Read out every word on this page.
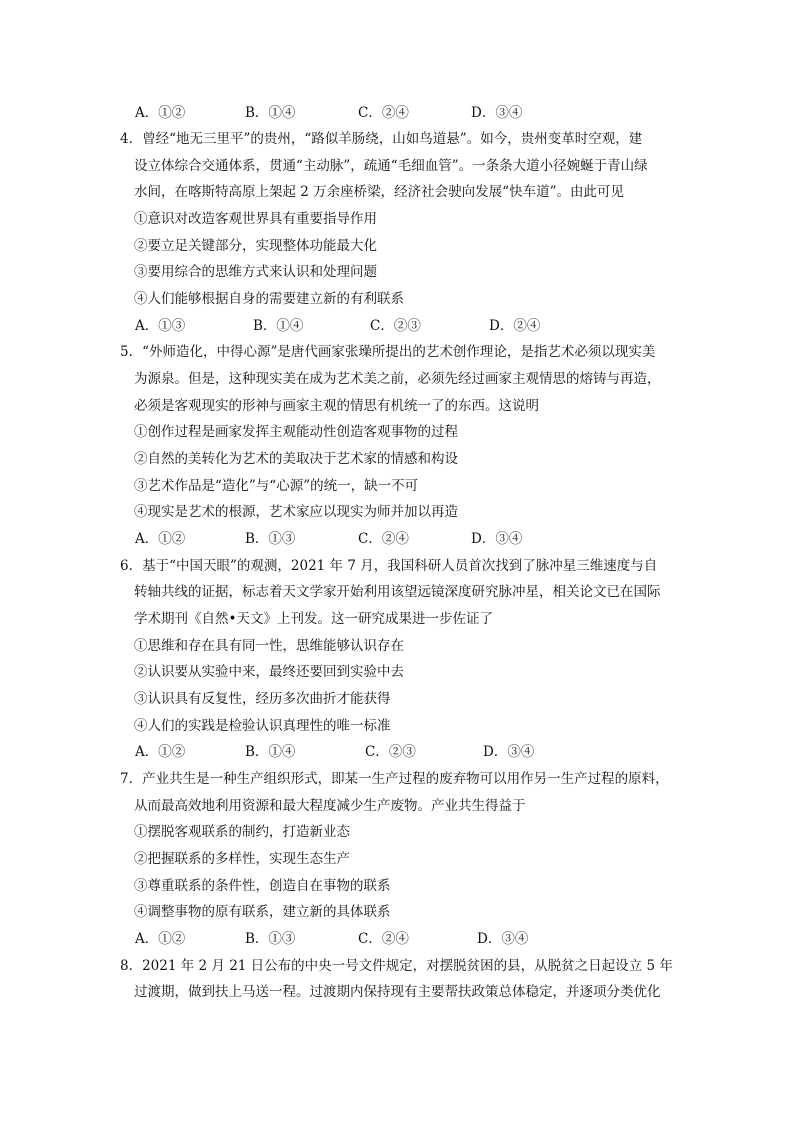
A．①②	B．①④	C．②④	D．③④
4．曾经“地无三里平”的贵州，“路似羊肠绕，山如鸟道悬”。如今，贵州变革时空观，建
设立体综合交通体系，贯通“主动脉”，疏通“毛细血管”。一条条大道小径婉蜒于青山绿
水间，在喀斯特高原上架起 2 万余座桥梁，经济社会驶向发展“快车道”。由此可见
①意识对改造客观世界具有重要指导作用
②要立足关键部分，实现整体功能最大化
③要用综合的思维方式来认识和处理问题
④人们能够根据自身的需要建立新的有利联系
A．①③	B．①④	C．②③	D．②④
5．“外师造化，中得心源”是唐代画家张璪所提出的艺术创作理论，是指艺术必须以现实美
为源泉。但是，这种现实美在成为艺术美之前，必须先经过画家主观情思的熔铸与再造，
必须是客观现实的形神与画家主观的情思有机统一了的东西。这说明
①创作过程是画家发挥主观能动性创造客观事物的过程
②自然的美转化为艺术的美取决于艺术家的情感和构设
③艺术作品是“造化”与“心源”的统一，缺一不可
④现实是艺术的根源，艺术家应以现实为师并加以再造
A．①②	B．①③	C．②④	D．③④
6．基于“中国天眼”的观测，2021 年 7 月，我国科研人员首次找到了脉冲星三维速度与自
转轴共线的证据，标志着天文学家开始利用该望远镜深度研究脉冲星，相关论文已在国际
学术期刊《自然•天文》上刊发。这一研究成果进一步佐证了
①思维和存在具有同一性，思维能够认识存在
②认识要从实验中来，最终还要回到实验中去
③认识具有反复性，经历多次曲折才能获得
④人们的实践是检验认识真理性的唯一标准
A．①②	B．①④	C．②③	D．③④
7．产业共生是一种生产组织形式，即某一生产过程的废弃物可以用作另一生产过程的原料，
从而最高效地利用资源和最大程度减少生产废物。产业共生得益于
①摆脱客观联系的制约，打造新业态
②把握联系的多样性，实现生态生产
③尊重联系的条件性，创造自在事物的联系
④调整事物的原有联系，建立新的具体联系
A．①②	B．①③	C．②④	D．③④
8．2021 年 2 月 21 日公布的中央一号文件规定，对摆脱贫困的县，从脱贫之日起设立 5 年
过渡期，做到扶上马送一程。过渡期内保持现有主要帮扶政策总体稳定，并逐项分类优化
